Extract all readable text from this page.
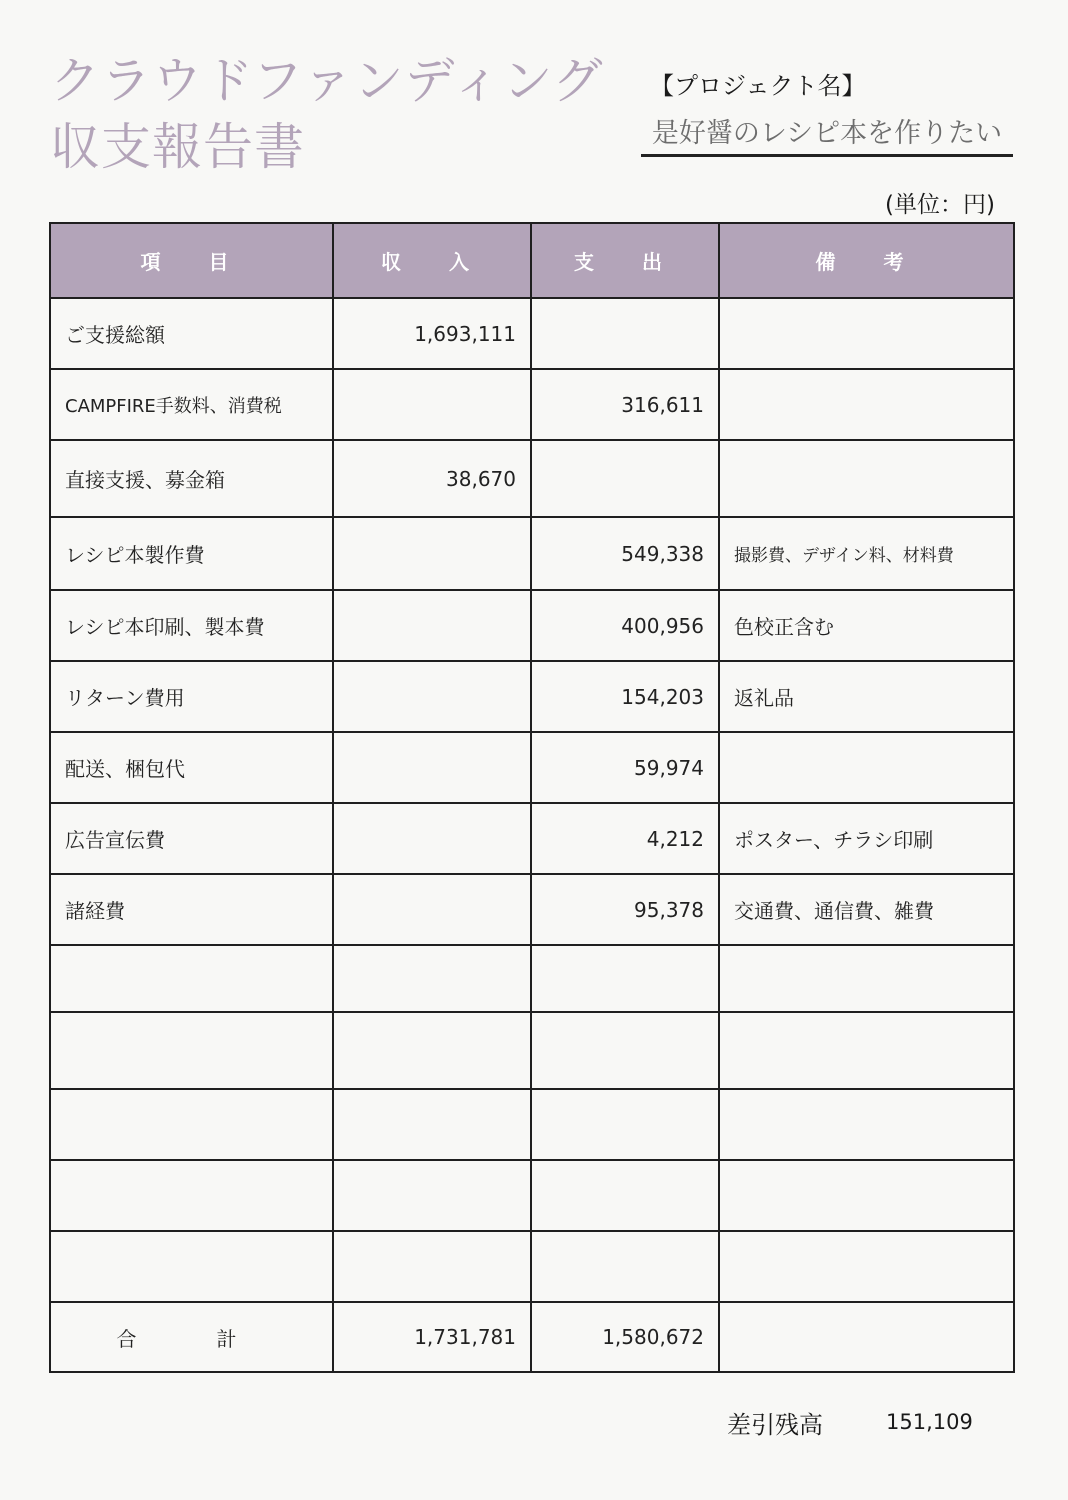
クラウドファンディング
収支報告書
【プロジェクト名】
是好醤のレシピ本を作りたい
(単位：円)
項　目	収　入	支　出	備　考
ご支援総額	1,693,111		
CAMPFIRE手数料、消費税		316,611	
直接支援、募金箱	38,670		
レシピ本製作費		549,338	撮影費、デザイン料、材料費
レシピ本印刷、製本費		400,956	色校正含む
リターン費用		154,203	返礼品
配送、梱包代		59,974	
広告宣伝費		4,212	ポスター、チラシ印刷
諸経費		95,378	交通費、通信費、雑費

合　計	1,731,781	1,580,672	
差引残高	151,109
